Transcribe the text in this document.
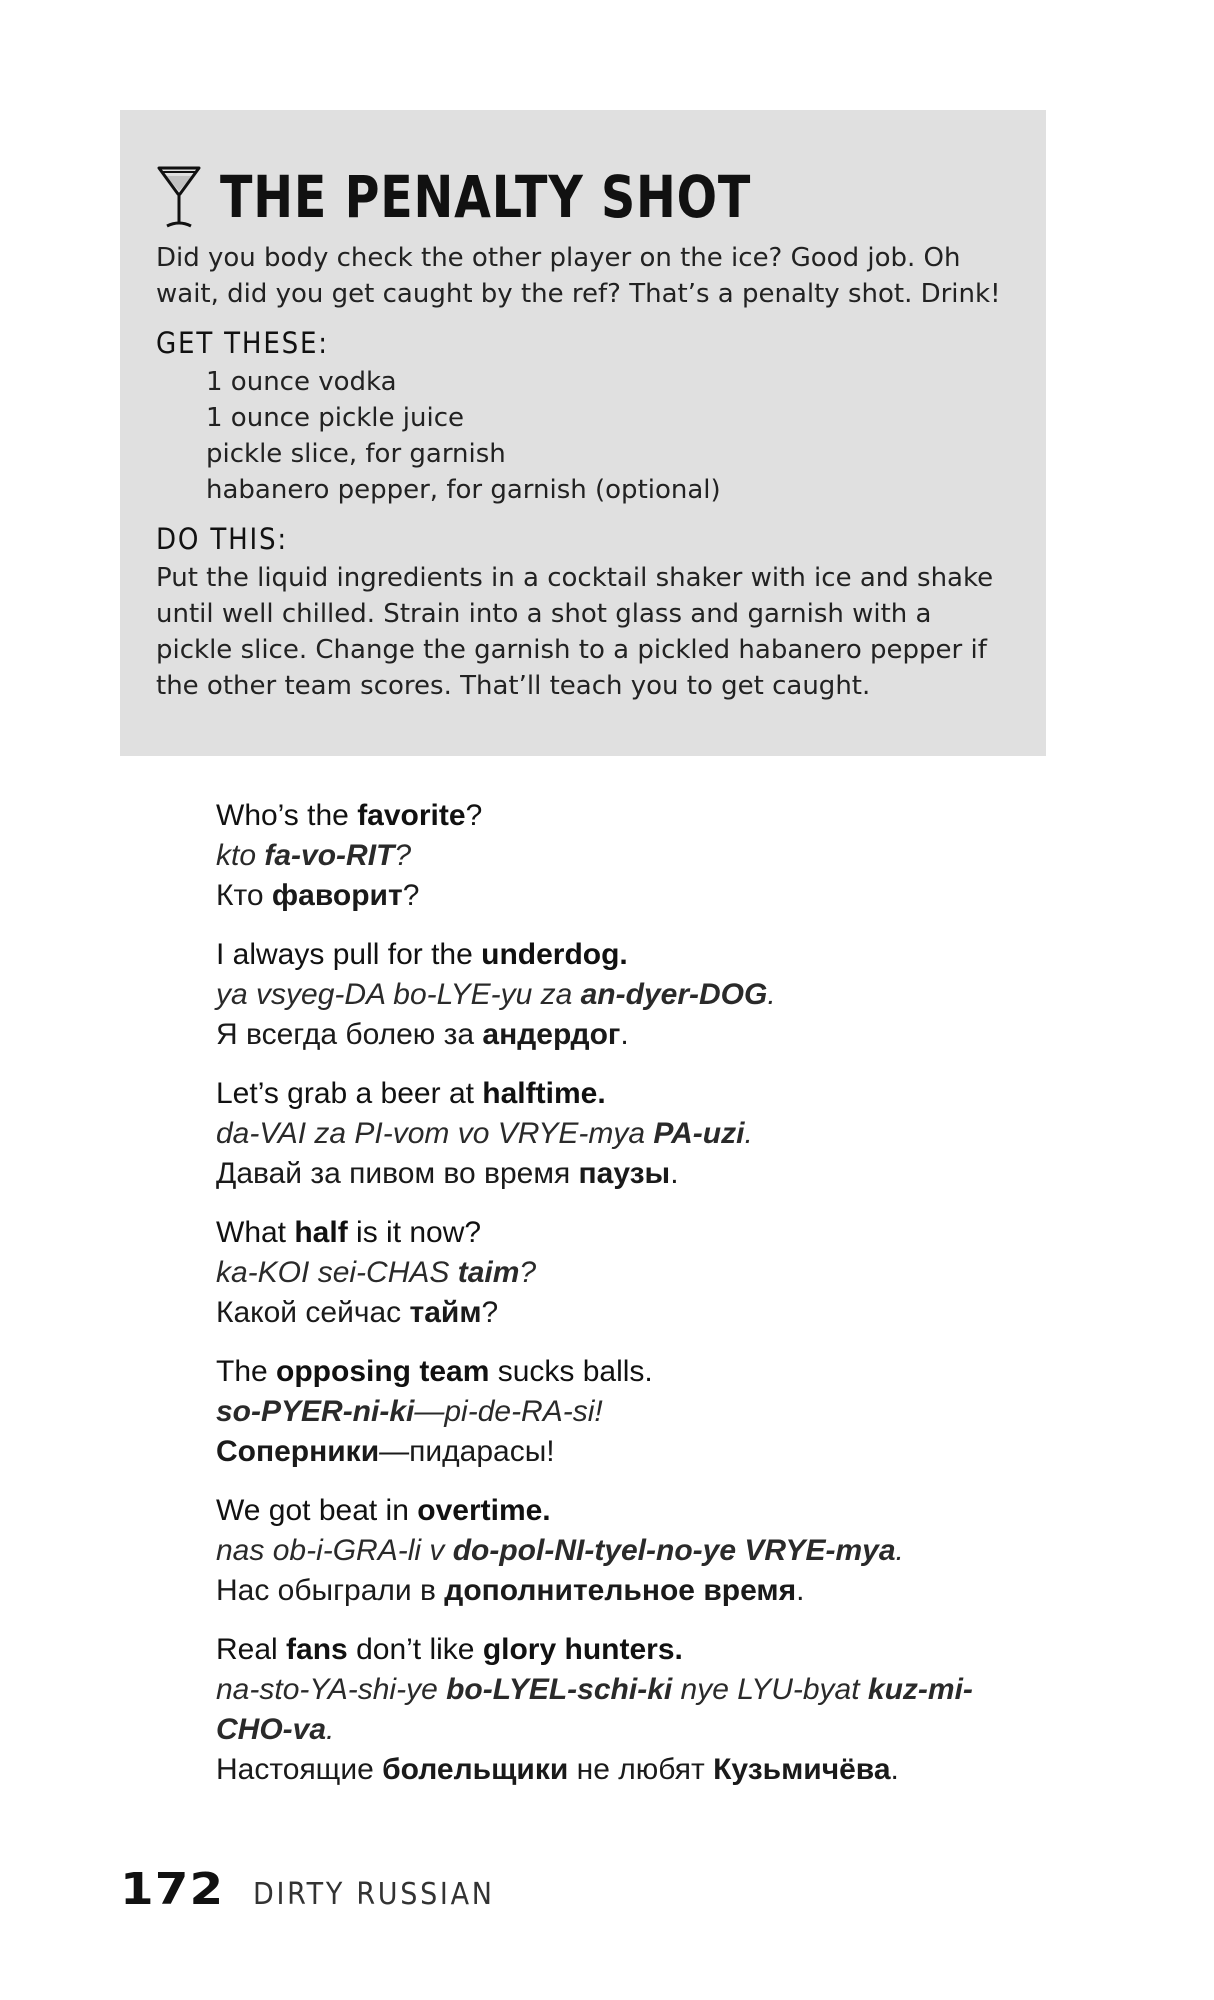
THE PENALTY SHOT

Did you body check the other player on the ice? Good job. Oh wait, did you get caught by the ref? That’s a penalty shot. Drink!

GET THESE:
1 ounce vodka
1 ounce pickle juice
pickle slice, for garnish
habanero pepper, for garnish (optional)
DO THIS:

Put the liquid ingredients in a cocktail shaker with ice and shake until well chilled. Strain into a shot glass and garnish with a pickle slice. Change the garnish to a pickled habanero pepper if the other team scores. That’ll teach you to get caught.

Who’s the favorite?
kto fa-vo-RIT?
Кто фаворит?
I always pull for the underdog.
ya vsyeg-DA bo-LYE-yu za an-dyer-DOG.
Я всегда болею за андердог.
Let’s grab a beer at halftime.
da-VAI za PI-vom vo VRYE-mya PA-uzi.
Давай за пивом во время паузы.
What half is it now?
ka-KOI sei-CHAS taim?
Какой сейчас тайм?
The opposing team sucks balls.
so-PYER-ni-ki—pi-de-RA-si!
Соперники—пидарасы!
We got beat in overtime.
nas ob-i-GRA-li v do-pol-NI-tyel-no-ye VRYE-mya.
Нас обыграли в дополнительное время.
Real fans don’t like glory hunters.
na-sto-YA-shi-ye bo-LYEL-schi-ki nye LYU-byat kuz-mi-CHO-va.
Настоящие болельщики не любят Кузьмичёва.
172 DIRTY RUSSIAN
